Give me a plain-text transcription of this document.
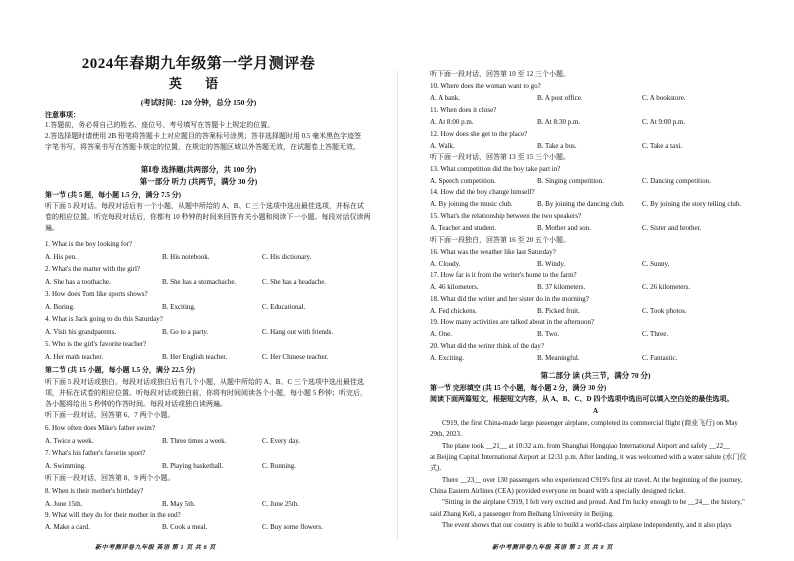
2024年春期九年级第一学月测评卷
英 语
(考试时间：120 分钟，总分 150 分)
注意事项：
1.答题前，务必将自己的姓名、座位号、考号填写在答题卡上规定的位置。
2.答选择题时请使用 2B 铅笔将答题卡上对应题目的答案标号涂黑；答非选择题时用 0.5 毫米黑色字迹签
字笔书写，将答案书写在答题卡规定的位置，在规定的答题区域以外答题无效，在试题卷上答题无效。
第Ⅰ卷 选择题(共两部分，共 100 分)
第一部分 听力 (共两节，满分 30 分)
第一节 (共 5 题，每小题 1.5 分，满分 7.5 分)
听下面 5 段对话。每段对话后有一个小题，从题中所给的 A、B、C 三个选项中选出最佳选项，并标在试
卷的相应位置。听完每段对话后，你都有 10 秒钟的时间来回答有关小题和阅读下一小题。每段对话仅读两
遍。
1. What is the boy looking for?
A. His pen.	B. His notebook.	C. His dictionary.
2. What's the matter with the girl?
A. She has a toothache.	B. She has a stomachache.	C. She has a headache.
3. How does Tom like sports shows?
A. Boring.	B. Exciting.	C. Educational.
4. What is Jack going to do this Saturday?
A. Visit his grandparents.	B. Go to a party.	C. Hang out with friends.
5. Who is the girl's favorite teacher?
A. Her math teacher.	B. Her English teacher.	C. Her Chinese teacher.
第二节 (共 15 小题，每小题 1.5 分，满分 22.5 分)
听下面 5 段对话或独白。每段对话或独白后有几个小题，从题中所给的 A、B、C 三个选项中选出最佳选
项，并标在试卷的相应位置。听每段对话或独白前，你将有时间阅读各个小题，每小题 5 秒钟；听完后，
各小题将给出 5 秒钟的作答时间。每段对话或独白读两遍。
听下面一段对话，回答第 6、7 两个小题。
6. How often does Mike's father swim?
A. Twice a week.	B. Three times a week.	C. Every day.
7. What's his father's favorite sport?
A. Swimming.	B. Playing basketball.	C. Running.
听下面一段对话，回答第 8、9 两个小题。
8. When is their mother's birthday?
A. June 15th.	B. May 5th.	C. June 25th.
9. What will they do for their mother in the end?
A. Make a card.	B. Cook a meal.	C. Buy some flowers.
新中考测评卷九年级 英语 第 1 页 共 8 页
听下面一段对话，回答第 10 至 12 三个小题。
10. Where does the woman want to go?
A. A bank.	B. A post office.	C. A bookstore.
11. When does it close?
A. At 8:00 p.m.	B. At 8:30 p.m.	C. At 9:00 p.m.
12. How does she get to the place?
A. Walk.	B. Take a bus.	C. Take a taxi.
听下面一段对话，回答第 13 至 15 三个小题。
13. What competition did the boy take part in?
A. Speech competition.	B. Singing competition.	C. Dancing competition.
14. How did the boy change himself?
A. By joining the music club.	B. By joining the dancing club. C. By joining the story telling club.
15. What's the relationship between the two speakers?
A. Teacher and student.	B. Mother and son.	C. Sister and brother.
听下面一段独白，回答第 16 至 20 五个小题。
16. What was the weather like last Saturday?
A. Cloudy.	B. Windy.	C. Sunny.
17. How far is it from the writer's home to the farm?
A. 46 kilometers.	B. 37 kilometers.	C. 26 kilometers.
18. What did the writer and her sister do in the morning?
A. Fed chickens.	B. Picked fruit.	C. Took photos.
19. How many activities are talked about in the afternoon?
A. One.	B. Two.	C. Three.
20. What did the writer think of the day?
A. Exciting.	B. Meaningful.	C. Fantastic.
第二部分 读 (共三节，满分 70 分)
第一节 完形填空 (共 15 个小题，每小题 2 分，满分 30 分)
阅读下面两篇短文，根据短文内容，从 A、B、C、D 四个选项中选出可以填入空白处的最佳选项。
A
C919, the first China-made large passenger airplane, completed its commercial flight (商业飞行) on May
29th, 2023.
The plane took __21__ at 10:32 a.m. from Shanghai Hongqiao International Airport and safely __22__
at Beijing Capital International Airport at 12:31 p.m. After landing, it was welcomed with a water salute (水门仪
式).
There __23__ over 130 passengers who experienced C919's first air travel. At the beginning of the journey,
China Eastern Airlines (CEA) provided everyone on board with a specially designed ticket.
"Sitting in the airplane C919, I felt very excited and proud. And I'm lucky enough to be __24__ the history,"
said Zhang Keli, a passenger from Beihang University in Beijing.
The event shows that our country is able to build a world-class airplane independently, and it also plays
新中考测评卷九年级 英语 第 2 页 共 8 页
